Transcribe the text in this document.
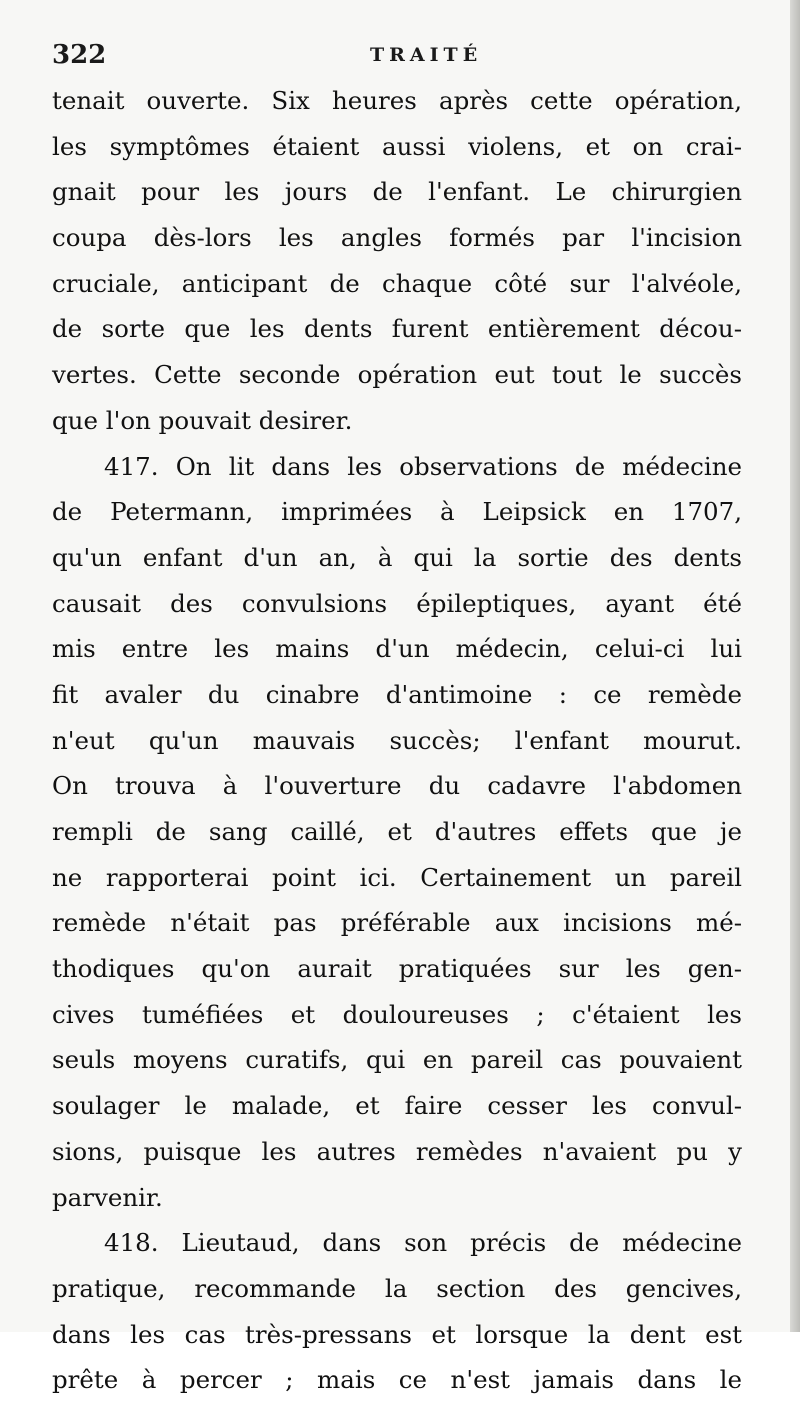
322	TRAITÉ
tenait ouverte. Six heures après cette opération,
les symptômes étaient aussi violens, et on crai-
gnait pour les jours de l'enfant. Le chirurgien
coupa dès-lors les angles formés par l'incision
cruciale, anticipant de chaque côté sur l'alvéole,
de sorte que les dents furent entièrement décou-
vertes. Cette seconde opération eut tout le succès
que l'on pouvait desirer.
417. On lit dans les observations de médecine
de Petermann, imprimées à Leipsick en 1707,
qu'un enfant d'un an, à qui la sortie des dents
causait des convulsions épileptiques, ayant été
mis entre les mains d'un médecin, celui-ci lui
fit avaler du cinabre d'antimoine : ce remède
n'eut qu'un mauvais succès; l'enfant mourut.
On trouva à l'ouverture du cadavre l'abdomen
rempli de sang caillé, et d'autres effets que je
ne rapporterai point ici. Certainement un pareil
remède n'était pas préférable aux incisions mé-
thodiques qu'on aurait pratiquées sur les gen-
cives tuméfiées et douloureuses ; c'étaient les
seuls moyens curatifs, qui en pareil cas pouvaient
soulager le malade, et faire cesser les convul-
sions, puisque les autres remèdes n'avaient pu y
parvenir.
418. Lieutaud, dans son précis de médecine
pratique, recommande la section des gencives,
dans les cas très-pressans et lorsque la dent est
prête à percer ; mais ce n'est jamais dans le
